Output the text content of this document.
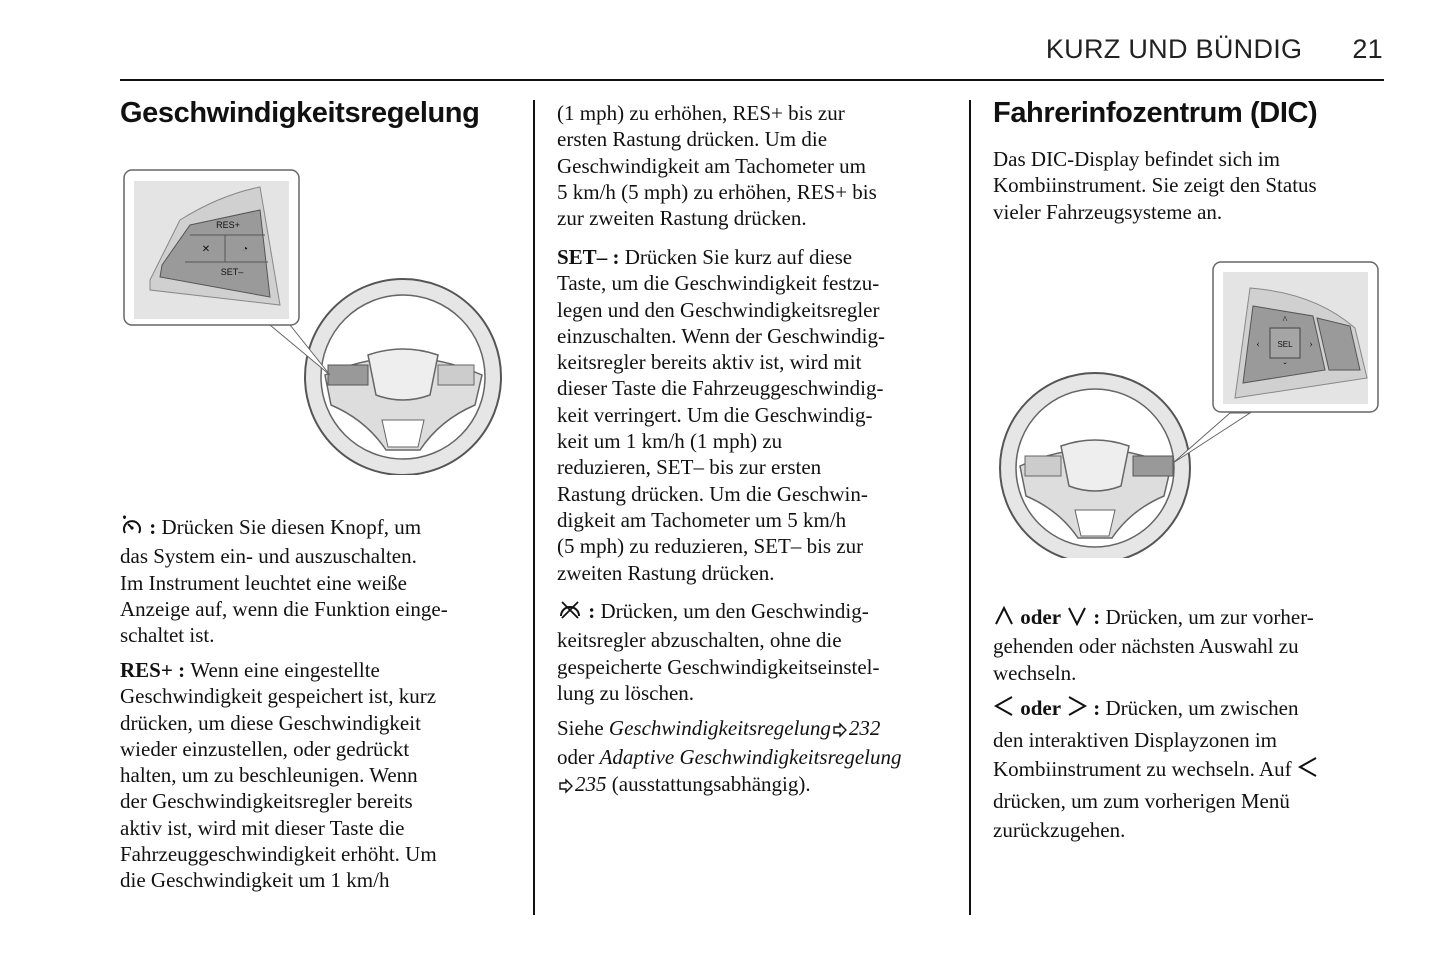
KURZ UND BÜNDIG 21
Geschwindigkeitsregelung	Fahrerinfozentrum (DIC)
RES+
SET–
✕	◔
SEL
^
‹	›
ˇ
: Drücken Sie diesen Knopf, um
das System ein- und auszuschalten.
Im Instrument leuchtet eine weiße
Anzeige auf, wenn die Funktion einge-
schaltet ist.
RES+ : Wenn eine eingestellte
Geschwindigkeit gespeichert ist, kurz
drücken, um diese Geschwindigkeit
wieder einzustellen, oder gedrückt
halten, um zu beschleunigen. Wenn
der Geschwindigkeitsregler bereits
aktiv ist, wird mit dieser Taste die
Fahrzeuggeschwindigkeit erhöht. Um
die Geschwindigkeit um 1 km/h
(1 mph) zu erhöhen, RES+ bis zur
ersten Rastung drücken. Um die
Geschwindigkeit am Tachometer um
5 km/h (5 mph) zu erhöhen, RES+ bis
zur zweiten Rastung drücken.
SET– : Drücken Sie kurz auf diese
Taste, um die Geschwindigkeit festzu-
legen und den Geschwindigkeitsregler
einzuschalten. Wenn der Geschwindig-
keitsregler bereits aktiv ist, wird mit
dieser Taste die Fahrzeuggeschwindig-
keit verringert. Um die Geschwindig-
keit um 1 km/h (1 mph) zu
reduzieren, SET– bis zur ersten
Rastung drücken. Um die Geschwin-
digkeit am Tachometer um 5 km/h
(5 mph) zu reduzieren, SET– bis zur
zweiten Rastung drücken.
: Drücken, um den Geschwindig-
keitsregler abzuschalten, ohne die
gespeicherte Geschwindigkeitseinstel-
lung zu löschen.
Siehe Geschwindigkeitsregelung 232
oder Adaptive Geschwindigkeitsregelung
235 (ausstattungsabhängig).
Das DIC-Display befindet sich im
Kombiinstrument. Sie zeigt den Status
vieler Fahrzeugsysteme an.
oder  : Drücken, um zur vorher-
gehenden oder nächsten Auswahl zu
wechseln.
oder  : Drücken, um zwischen
den interaktiven Displayzonen im
Kombiinstrument zu wechseln. Auf
drücken, um zum vorherigen Menü
zurückzugehen.
